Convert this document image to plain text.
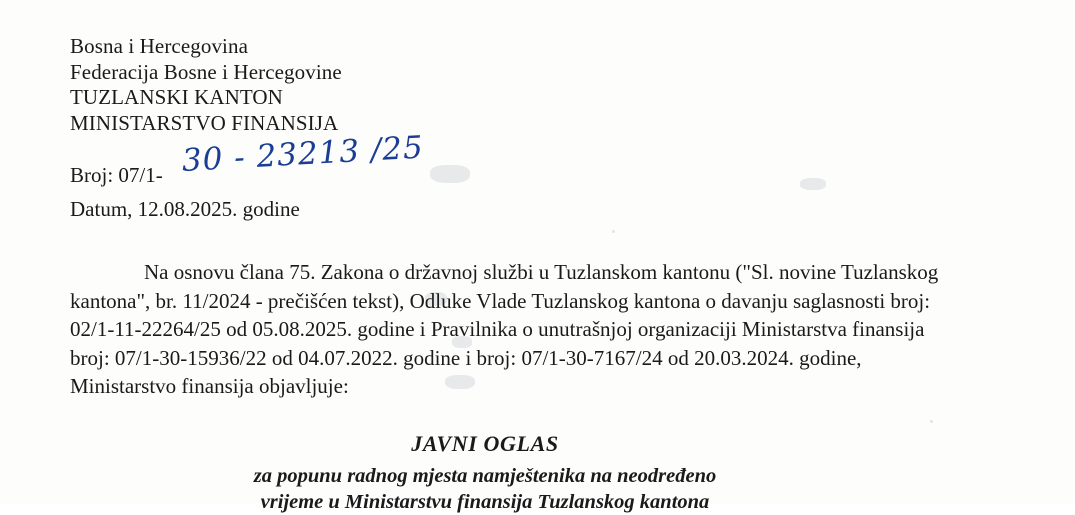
Bosna i Hercegovina
Federacija Bosne i Hercegovine
TUZLANSKI KANTON
MINISTARSTVO FINANSIJA
Broj: 07/1- 30 - 23213 /25
Datum, 12.08.2025. godine

Na osnovu člana 75. Zakona o državnoj službi u Tuzlanskom kantonu ("Sl. novine Tuzlanskog

kantona", br. 11/2024 - prečišćen tekst), Odluke Vlade Tuzlanskog kantona o davanju saglasnosti broj:

02/1-11-22264/25 od 05.08.2025. godine i Pravilnika o unutrašnjoj organizaciji Ministarstva finansija

broj: 07/1-30-15936/22 od 04.07.2022. godine i broj: 07/1-30-7167/24 od 20.03.2024. godine,

Ministarstvo finansija objavljuje:

JAVNI OGLAS
za popunu radnog mjesta namještenika na neodređeno
vrijeme u Ministarstvu finansija Tuzlanskog kantona
